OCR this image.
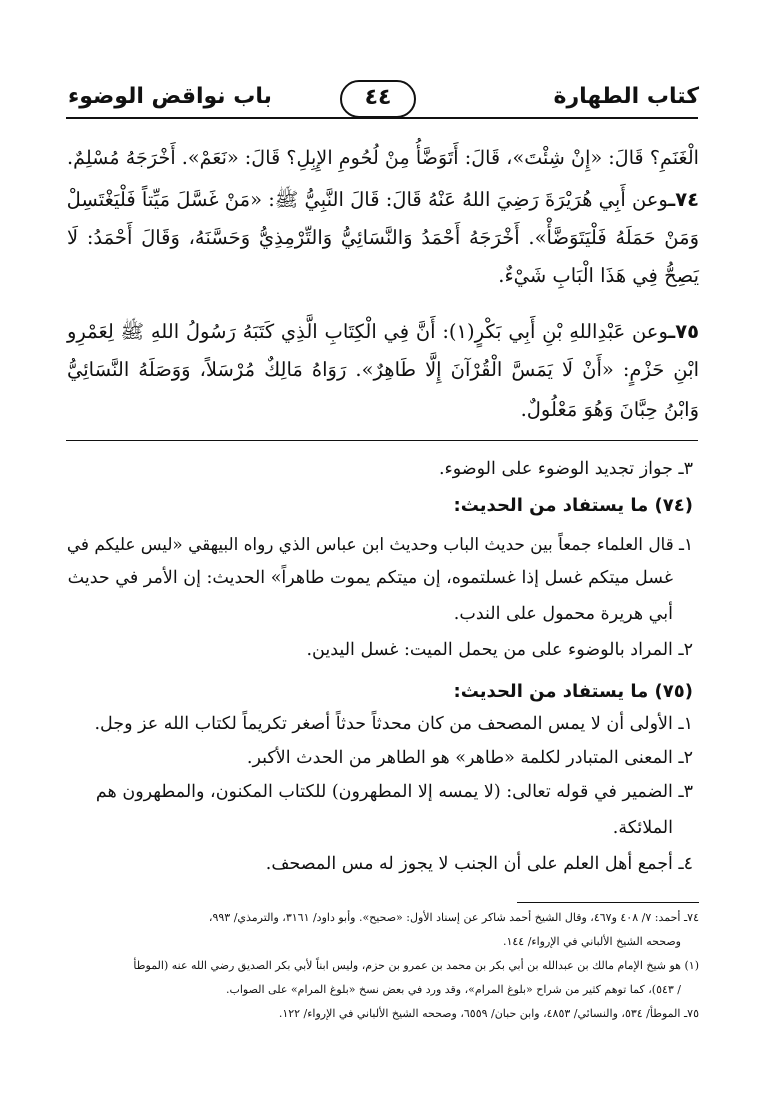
كتاب الطهارة
٤٤
باب نواقض الوضوء
الْغَنَمِ؟ قَالَ: «إِنْ شِئْتَ»، قَالَ: أَتَوَضَّأُ مِنْ لُحُومِ الإِبِلِ؟ قَالَ: «نَعَمْ». أَخْرَجَهُ مُسْلِمٌ.
٧٤ـوعن أَبِي هُرَيْرَةَ رَضِيَ اللهُ عَنْهُ قَالَ: قَالَ النَّبِيُّ ﷺ: «مَنْ غَسَّلَ مَيِّتاً فَلْيَغْتَسِلْ
وَمَنْ حَمَلَهُ فَلْيَتَوَضَّأْ». أَخْرَجَهُ أَحْمَدُ وَالنَّسَائِيُّ وَالتِّرْمِذِيُّ وَحَسَّنَهُ، وَقَالَ أَحْمَدُ: لَا
يَصِحُّ فِي هَذَا الْبَابِ شَيْءٌ.
٧٥ـوعن عَبْدِاللهِ بْنِ أَبِي بَكْرٍ(١): أَنَّ فِي الْكِتَابِ الَّذِي كَتَبَهُ رَسُولُ اللهِ ﷺ لِعَمْرِو
ابْنِ حَزْمٍ: «أَنْ لَا يَمَسَّ الْقُرْآنَ إِلَّا طَاهِرٌ». رَوَاهُ مَالِكٌ مُرْسَلاً، وَوَصَلَهُ النَّسَائِيُّ
وَابْنُ حِبَّانَ وَهُوَ مَعْلُولٌ.
٣ـ جواز تجديد الوضوء على الوضوء.
(٧٤) ما يستفاد من الحديث:
١ـ قال العلماء جمعاً بين حديث الباب وحديث ابن عباس الذي رواه البيهقي «ليس عليكم في
غسل ميتكم غسل إذا غسلتموه، إن ميتكم يموت طاهراً» الحديث: إن الأمر في حديث
أبي هريرة محمول على الندب.
٢ـ المراد بالوضوء على من يحمل الميت: غسل اليدين.
(٧٥) ما يستفاد من الحديث:
١ـ الأولى أن لا يمس المصحف من كان محدثاً حدثاً أصغر تكريماً لكتاب الله عز وجل.
٢ـ المعنى المتبادر لكلمة «طاهر» هو الطاهر من الحدث الأكبر.
٣ـ الضمير في قوله تعالى: (لا يمسه إلا المطهرون) للكتاب المكنون، والمطهرون هم
الملائكة.
٤ـ أجمع أهل العلم على أن الجنب لا يجوز له مس المصحف.
٧٤ـ أحمد: ٧/ ٤٠٨ و٤٦٧، وقال الشيخ أحمد شاكر عن إسناد الأول: «صحيح». وأبو داود/ ٣١٦١، والترمذي/ ٩٩٣،
وصححه الشيخ الألباني في الإرواء/ ١٤٤.
(١) هو شيخ الإمام مالك بن عبدالله بن أبي بكر بن محمد بن عمرو بن حزم، وليس ابناً لأبي بكر الصديق رضي الله عنه (الموطأ
/ ٥٤٣)، كما توهم كثير من شراح «بلوغ المرام»، وقد ورد في بعض نسخ «بلوغ المرام» على الصواب.
٧٥ـ الموطأ/ ٥٣٤، والنسائي/ ٤٨٥٣، وابن حبان/ ٦٥٥٩، وصححه الشيخ الألباني في الإرواء/ ١٢٢.
